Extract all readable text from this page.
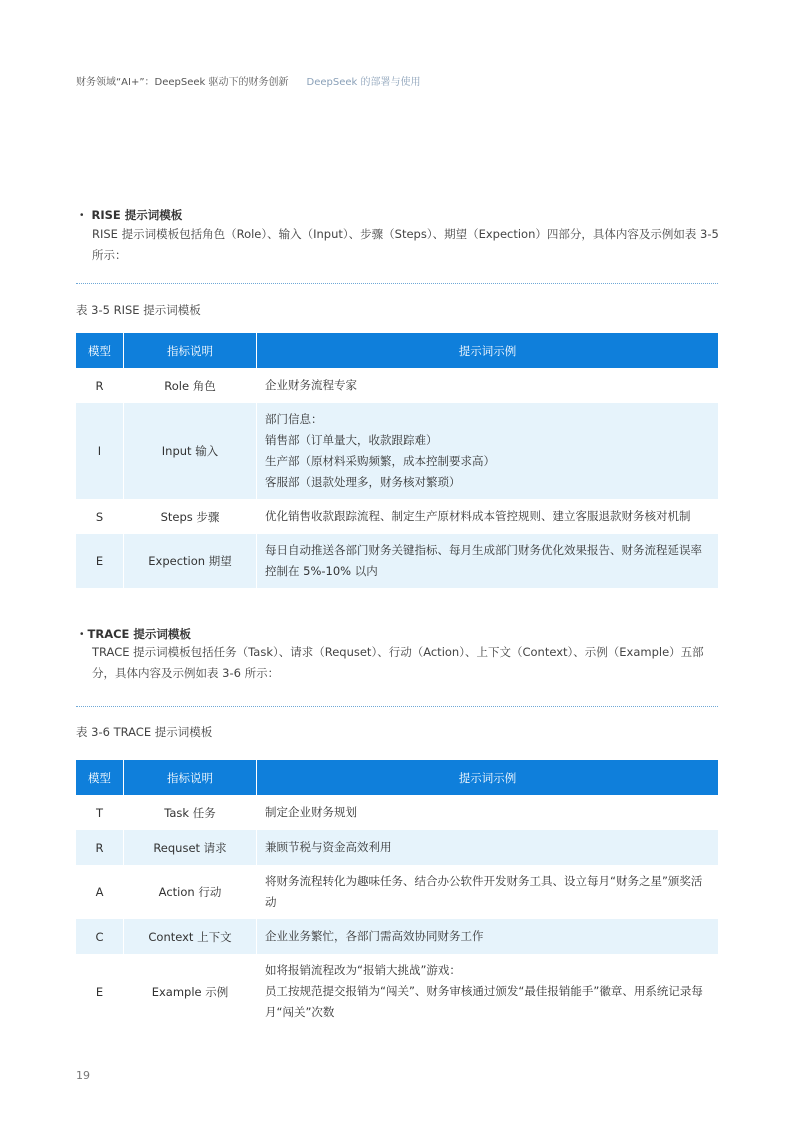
财务领域“AI+”：DeepSeek 驱动下的财务创新 DeepSeek 的部署与使用
・ RISE 提示词模板
RISE 提示词模板包括角色（Role）、输入（Input）、步骤（Steps）、期望（Expection）四部分，具体内容及示例如表 3-5 所示：
表 3-5 RISE 提示词模板
模型	指标说明	提示词示例
R	Role 角色	企业财务流程专家

I	Input 输入	部门信息：
销售部（订单量大，收款跟踪难）
生产部（原材料采购频繁，成本控制要求高）
客服部（退款处理多，财务核对繁琐）

S	Steps 步骤	优化销售收款跟踪流程、制定生产原材料成本管控规则、建立客服退款财务核对机制

E	Expection 期望	每日自动推送各部门财务关键指标、每月生成部门财务优化效果报告、财务流程延误率控制在 5%-10% 以内
・TRACE 提示词模板
TRACE 提示词模板包括任务（Task）、请求（Requset）、行动（Action）、上下文（Context）、示例（Example）五部分，具体内容及示例如表 3-6 所示：
表 3-6 TRACE 提示词模板
模型	指标说明	提示词示例
T	Task 任务	制定企业财务规划

R	Requset 请求	兼顾节税与资金高效利用

A	Action 行动	将财务流程转化为趣味任务、结合办公软件开发财务工具、设立每月“财务之星”颁奖活动

C	Context 上下文	企业业务繁忙，各部门需高效协同财务工作

E	Example 示例	如将报销流程改为“报销大挑战”游戏：
员工按规范提交报销为“闯关”、财务审核通过颁发“最佳报销能手”徽章、用系统记录每月“闯关”次数
19
